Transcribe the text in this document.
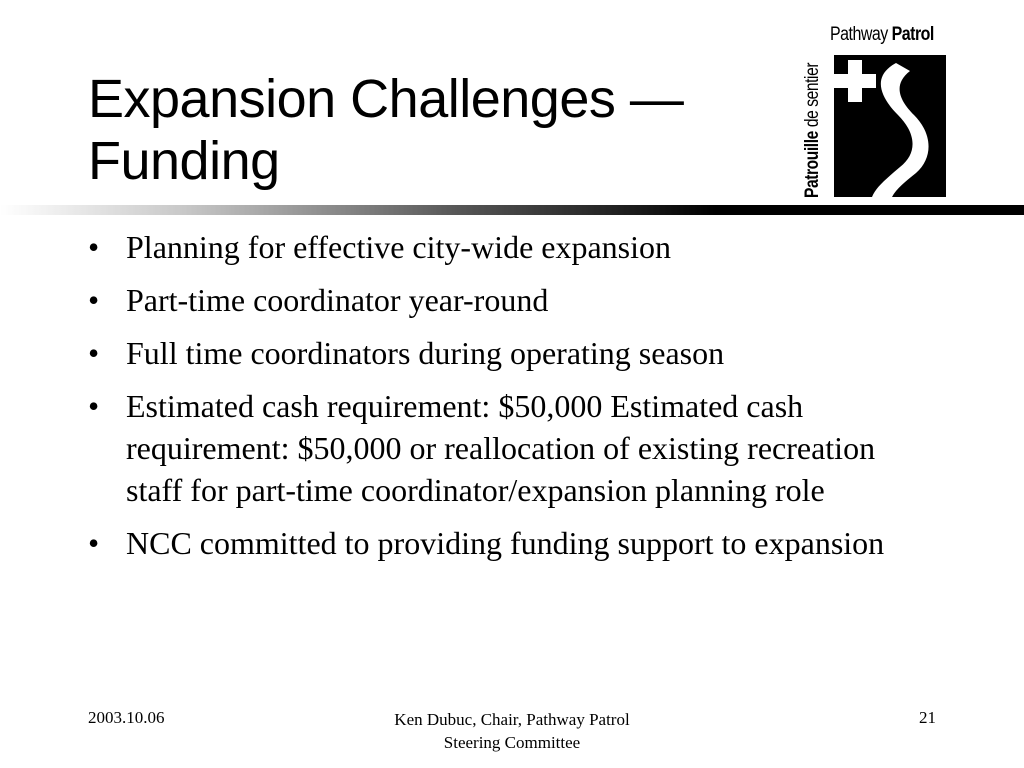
Expansion Challenges —
Funding
Pathway Patrol
Patrouille de sentier
• Planning for effective city-wide expansion
• Part-time coordinator year-round
• Full time coordinators during operating season
• Estimated cash requirement: $50,000 Estimated cash requirement: $50,000 or reallocation of existing recreation staff for part-time coordinator/expansion planning role
• NCC committed to providing funding support to expansion
2003.10.06	Ken Dubuc, Chair, Pathway Patrol
Steering Committee
21
